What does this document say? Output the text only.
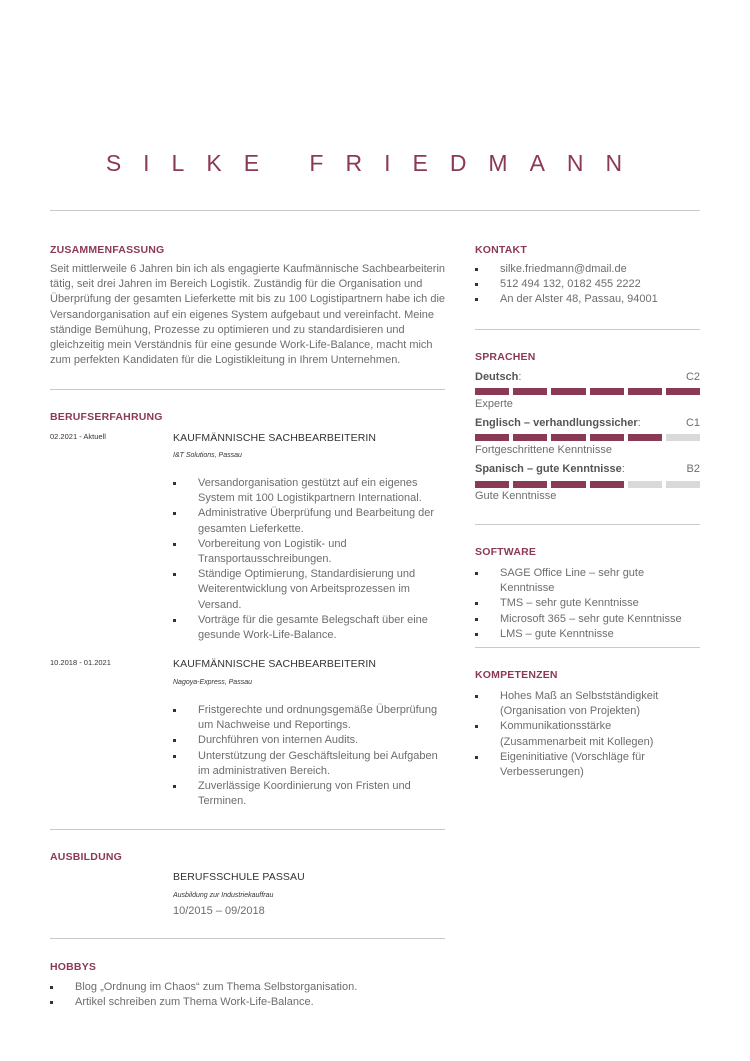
SILKE FRIEDMANN
ZUSAMMENFASSUNG
Seit mittlerweile 6 Jahren bin ich als engagierte Kaufmännische Sachbearbeiterin tätig, seit drei Jahren im Bereich Logistik. Zuständig für die Organisation und Überprüfung der gesamten Lieferkette mit bis zu 100 Logistipartnern habe ich die Versandorganisation auf ein eigenes System aufgebaut und vereinfacht. Meine ständige Bemühung, Prozesse zu optimieren und zu standardisieren und gleichzeitig mein Verständnis für eine gesunde Work-Life-Balance, macht mich zum perfekten Kandidaten für die Logistikleitung in Ihrem Unternehmen.
BERUFSERFAHRUNG
02.2021 - Aktuell	KAUFMÄNNISCHE SACHBEARBEITERIN
I&T Solutions, Passau
Versandorganisation gestützt auf ein eigenes System mit 100 Logistikpartnern International.
Administrative Überprüfung und Bearbeitung der gesamten Lieferkette.
Vorbereitung von Logistik- und Transportausschreibungen.
Ständige Optimierung, Standardisierung und Weiterentwicklung von Arbeitsprozessen im Versand.
Vorträge für die gesamte Belegschaft über eine gesunde Work-Life-Balance.
10.2018 - 01.2021	KAUFMÄNNISCHE SACHBEARBEITERIN
Nagoya-Express, Passau
Fristgerechte und ordnungsgemäße Überprüfung um Nachweise und Reportings.
Durchführen von internen Audits.
Unterstützung der Geschäftsleitung bei Aufgaben im administrativen Bereich.
Zuverlässige Koordinierung von Fristen und Terminen.
AUSBILDUNG
BERUFSSCHULE PASSAU
Ausbildung zur Industriekauffrau
10/2015 – 09/2018
HOBBYS
Blog „Ordnung im Chaos“ zum Thema Selbstorganisation.
Artikel schreiben zum Thema Work-Life-Balance.
KONTAKT
silke.friedmann@dmail.de
512 494 132, 0182 455 2222
An der Alster 48, Passau, 94001
SPRACHEN
Deutsch:	C2
Experte
Englisch – verhandlungssicher:	C1
Fortgeschrittene Kenntnisse
Spanisch – gute Kenntnisse:	B2
Gute Kenntnisse
SOFTWARE
SAGE Office Line – sehr gute Kenntnisse
TMS – sehr gute Kenntnisse
Microsoft 365 – sehr gute Kenntnisse
LMS – gute Kenntnisse
KOMPETENZEN
Hohes Maß an Selbstständigkeit (Organisation von Projekten)
Kommunikationsstärke (Zusammenarbeit mit Kollegen)
Eigeninitiative (Vorschläge für Verbesserungen)
